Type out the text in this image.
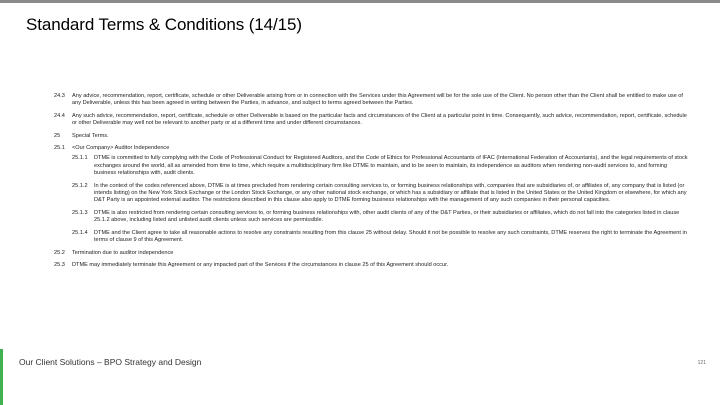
Standard Terms & Conditions (14/15)
24.3	Any advice, recommendation, report, certificate, schedule or other Deliverable arising from or in connection with the Services under this Agreement will be for the sole use of the Client. No person other than the Client shall be entitled to make use of any Deliverable, unless this has been agreed in writing between the Parties, in advance, and subject to terms agreed between the Parties.
24.4	Any such advice, recommendation, report, certificate, schedule or other Deliverable is based on the particular facts and circumstances of the Client at a particular point in time. Consequently, such advice, recommendation, report, certificate, schedule or other Deliverable may well not be relevant to another party or at a different time and under different circumstances.
25	Special Terms.
25.1	<Our Company> Auditor Independence
25.1.1	DTME is committed to fully complying with the Code of Professional Conduct for Registered Auditors, and the Code of Ethics for Professional Accountants of IFAC (International Federation of Accountants), and the legal requirements of stock exchanges around the world, all as amended from time to time, which require a multidisciplinary firm like DTME to maintain, and to be seen to maintain, its independence as auditors when rendering non-audit services to, and forming business relationships with, audit clients.
25.1.2	In the context of the codes referenced above, DTME is at times precluded from rendering certain consulting services to, or forming business relationships with, companies that are subsidiaries of, or affiliates of, any company that is listed (or intends listing) on the New York Stock Exchange or the London Stock Exchange, or any other national stock exchange, or which has a subsidiary or affiliate that is listed in the United States or the United Kingdom or elsewhere, for which any D&T Party is an appointed external auditor. The restrictions described in this clause also apply to DTME forming business relationships with the management of any such companies in their personal capacities.
25.1.3	DTME is also restricted from rendering certain consulting services to, or forming business relationships with, other audit clients of any of the D&T Parties, or their subsidiaries or affiliates, which do not fall into the categories listed in clause 25.1.2 above, including listed and unlisted audit clients unless such services are permissible.
25.1.4	DTME and the Client agree to take all reasonable actions to resolve any constraints resulting from this clause 25 without delay. Should it not be possible to resolve any such constraints, DTME reserves the right to terminate the Agreement in terms of clause 9 of this Agreement.
25.2	Termination due to auditor independence
25.3	DTME may immediately terminate this Agreement or any impacted part of the Services if the circumstances in clause 25 of this Agreement should occur.
Our Client Solutions – BPO Strategy and Design	121
